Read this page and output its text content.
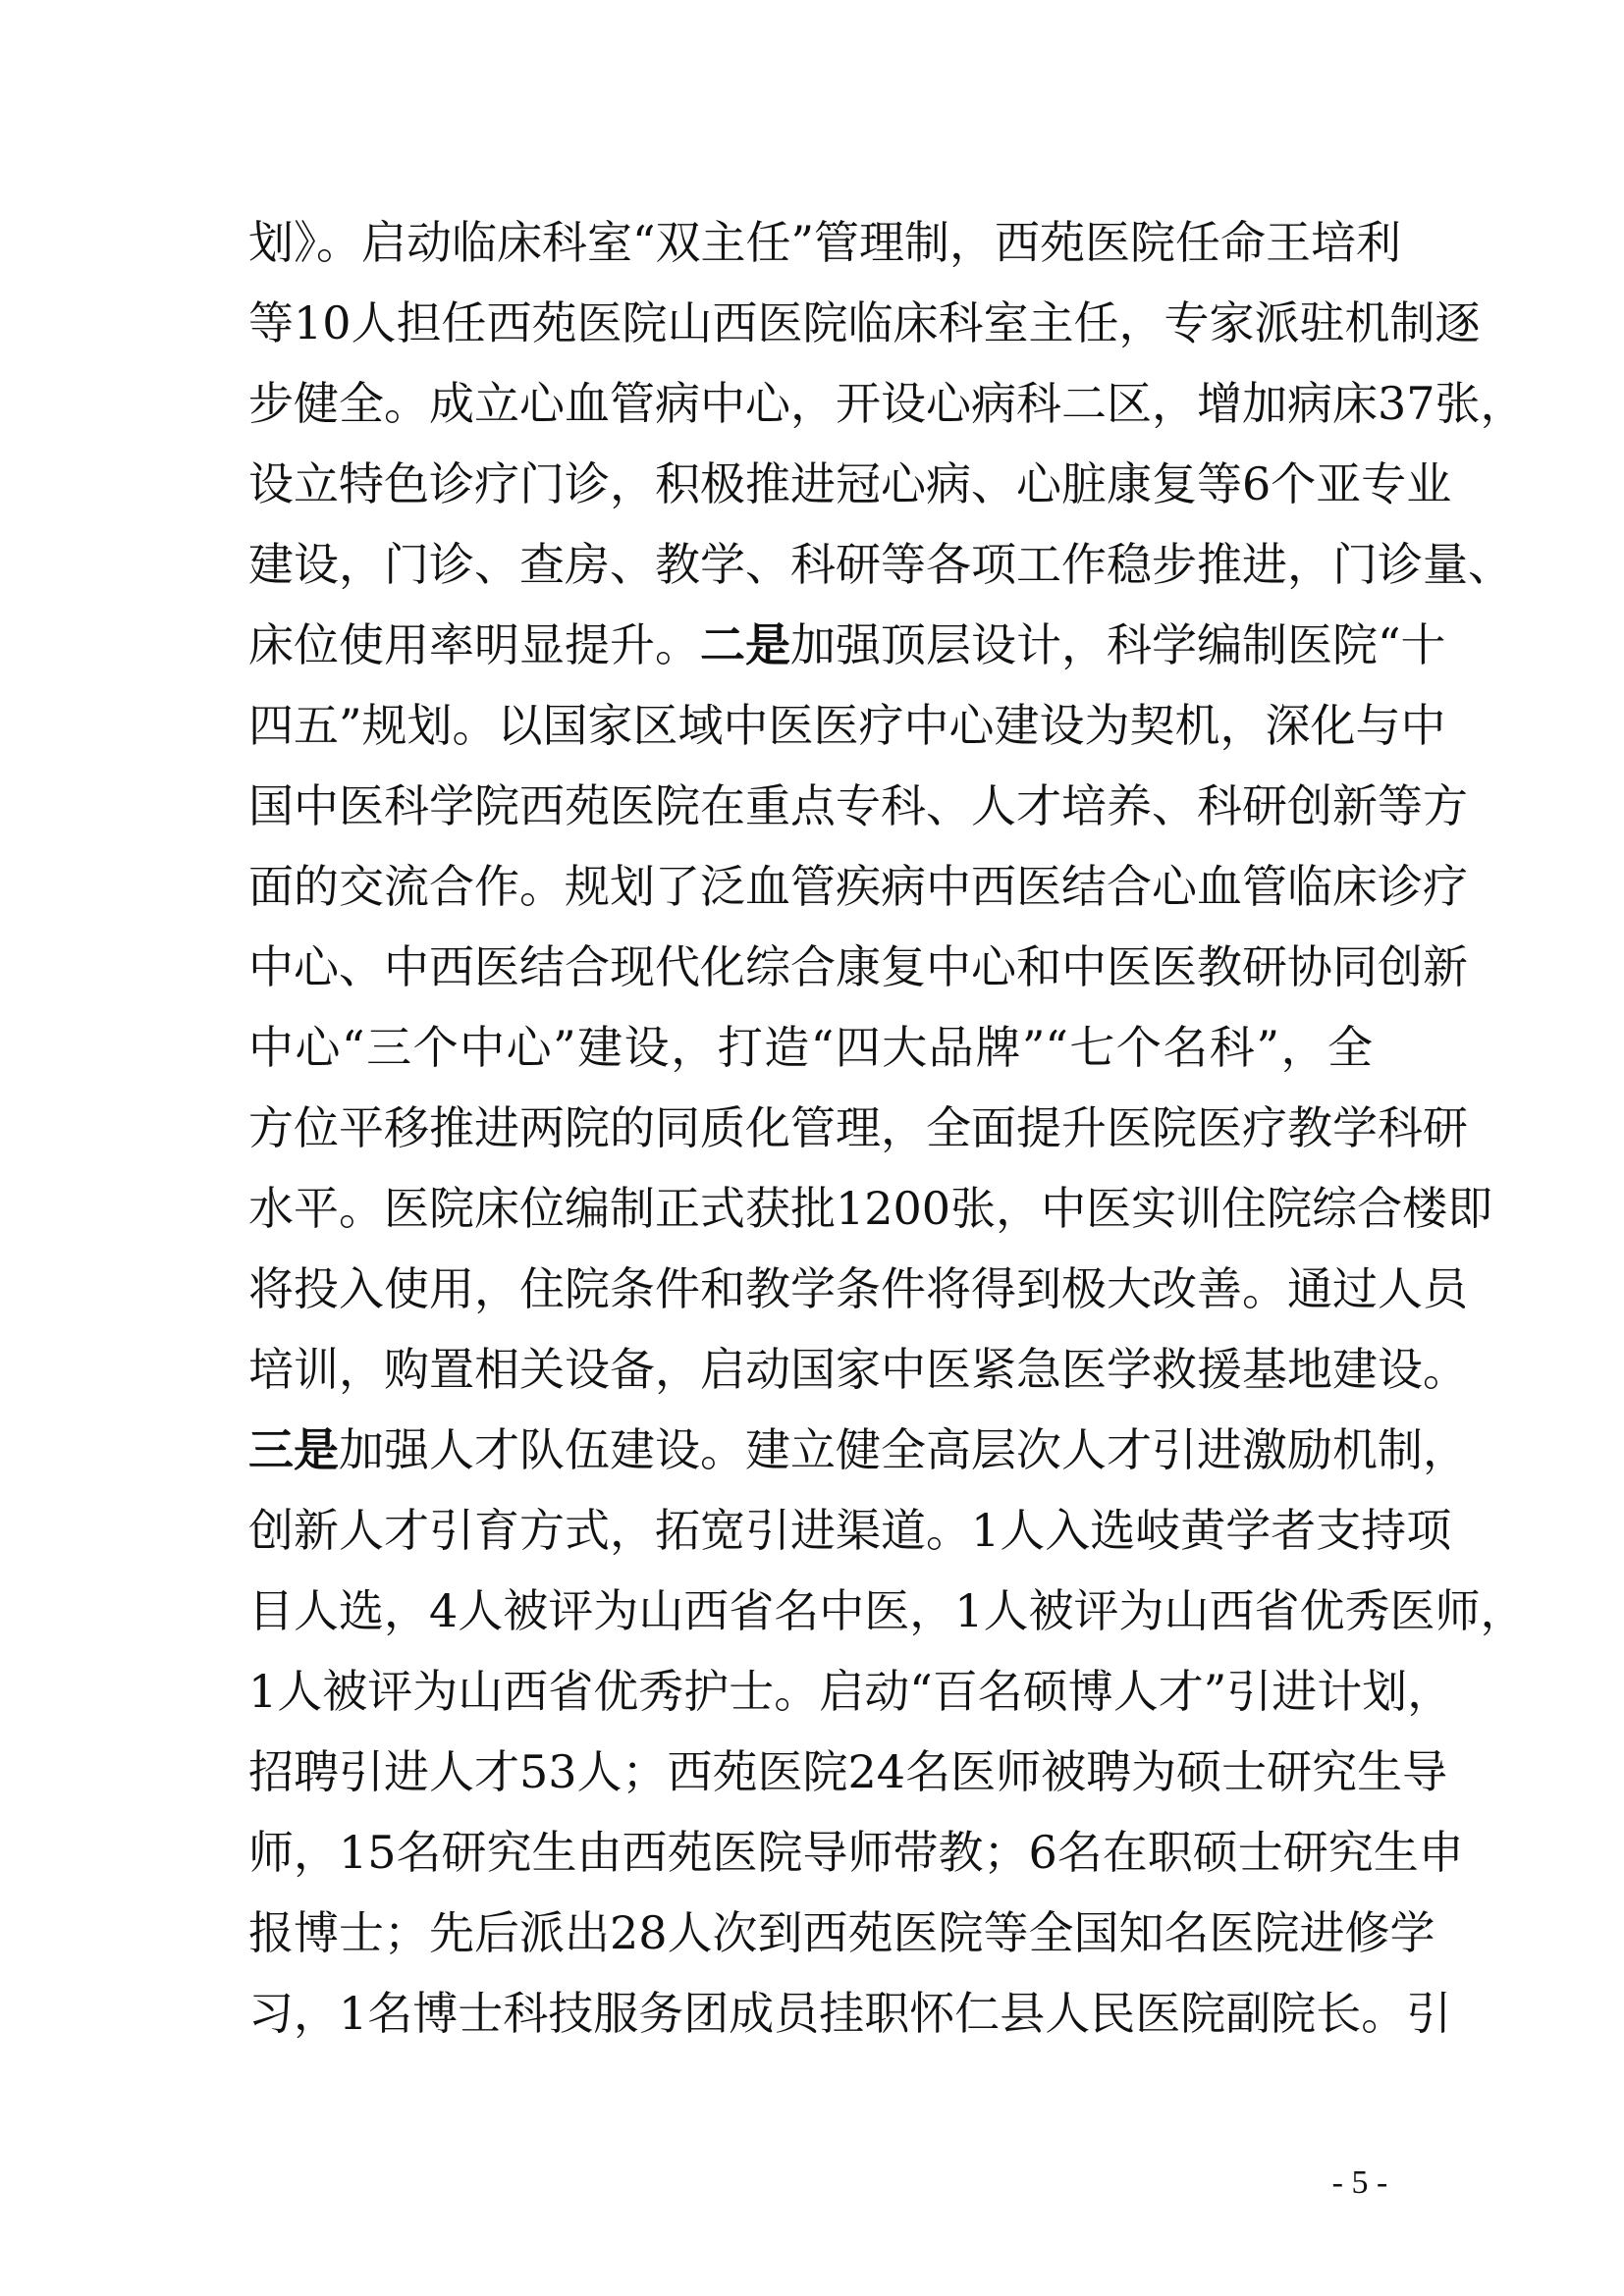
划》。启动临床科室“双主任”管理制，西苑医院任命王培利
等10人担任西苑医院山西医院临床科室主任，专家派驻机制逐
步健全。成立心血管病中心，开设心病科二区，增加病床37张，
设立特色诊疗门诊，积极推进冠心病、心脏康复等6个亚专业
建设，门诊、查房、教学、科研等各项工作稳步推进，门诊量、
床位使用率明显提升。二是加强顶层设计，科学编制医院“十
四五”规划。以国家区域中医医疗中心建设为契机，深化与中
国中医科学院西苑医院在重点专科、人才培养、科研创新等方
面的交流合作。规划了泛血管疾病中西医结合心血管临床诊疗
中心、中西医结合现代化综合康复中心和中医医教研协同创新
中心“三个中心”建设，打造“四大品牌”“七个名科”，全
方位平移推进两院的同质化管理，全面提升医院医疗教学科研
水平。医院床位编制正式获批1200张，中医实训住院综合楼即
将投入使用，住院条件和教学条件将得到极大改善。通过人员
培训，购置相关设备，启动国家中医紧急医学救援基地建设。
三是加强人才队伍建设。建立健全高层次人才引进激励机制，
创新人才引育方式，拓宽引进渠道。1人入选岐黄学者支持项
目人选，4人被评为山西省名中医，1人被评为山西省优秀医师，
1人被评为山西省优秀护士。启动“百名硕博人才”引进计划，
招聘引进人才53人；西苑医院24名医师被聘为硕士研究生导
师，15名研究生由西苑医院导师带教；6名在职硕士研究生申
报博士；先后派出28人次到西苑医院等全国知名医院进修学
习，1名博士科技服务团成员挂职怀仁县人民医院副院长。引
- 5 -
